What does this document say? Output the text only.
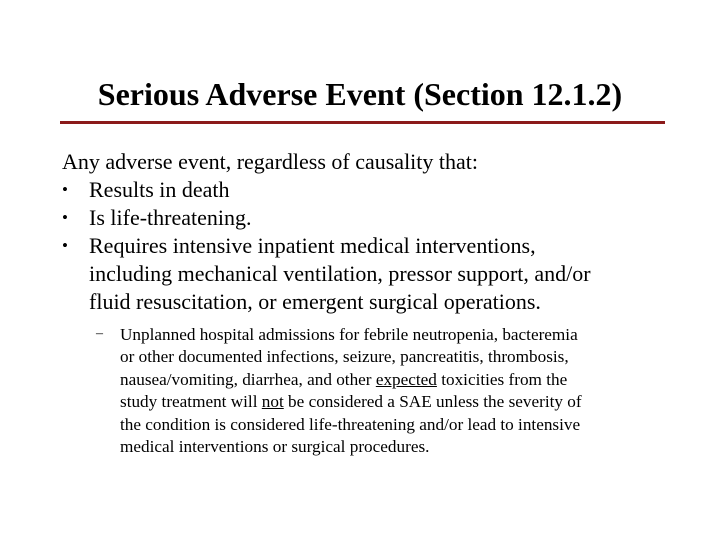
Serious Adverse Event (Section 12.1.2)
Any adverse event, regardless of causality that:
• Results in death
• Is life-threatening.
• Requires intensive inpatient medical interventions,
including mechanical ventilation, pressor support, and/or
fluid resuscitation, or emergent surgical operations.
– Unplanned hospital admissions for febrile neutropenia, bacteremia
or other documented infections, seizure, pancreatitis, thrombosis,
nausea/vomiting, diarrhea, and other expected toxicities from the
study treatment will not be considered a SAE unless the severity of
the condition is considered life-threatening and/or lead to intensive
medical interventions or surgical procedures.
